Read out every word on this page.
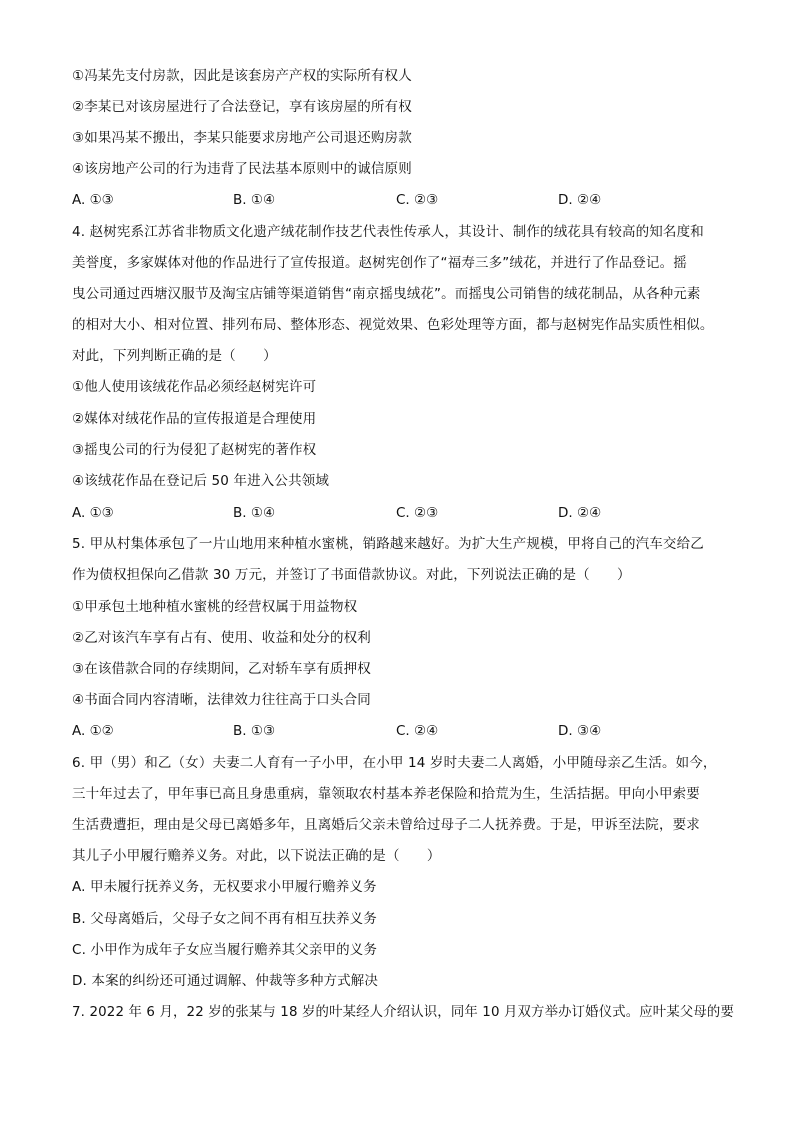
①冯某先支付房款，因此是该套房产产权的实际所有权人
②李某已对该房屋进行了合法登记，享有该房屋的所有权
③如果冯某不搬出，李某只能要求房地产公司退还购房款
④该房地产公司的行为违背了民法基本原则中的诚信原则
A. ①③	B. ①④	C. ②③	D. ②④
4. 赵树宪系江苏省非物质文化遗产绒花制作技艺代表性传承人，其设计、制作的绒花具有较高的知名度和
美誉度，多家媒体对他的作品进行了宣传报道。赵树宪创作了“福寿三多”绒花，并进行了作品登记。摇
曳公司通过西塘汉服节及淘宝店铺等渠道销售“南京摇曳绒花”。而摇曳公司销售的绒花制品，从各种元素
的相对大小、相对位置、排列布局、整体形态、视觉效果、色彩处理等方面，都与赵树宪作品实质性相似。
对此，下列判断正确的是（　　）
①他人使用该绒花作品必须经赵树宪许可
②媒体对绒花作品的宣传报道是合理使用
③摇曳公司的行为侵犯了赵树宪的著作权
④该绒花作品在登记后 50 年进入公共领域
A. ①③	B. ①④	C. ②③	D. ②④
5. 甲从村集体承包了一片山地用来种植水蜜桃，销路越来越好。为扩大生产规模，甲将自己的汽车交给乙
作为债权担保向乙借款 30 万元，并签订了书面借款协议。对此，下列说法正确的是（　　）
①甲承包土地种植水蜜桃的经营权属于用益物权
②乙对该汽车享有占有、使用、收益和处分的权利
③在该借款合同的存续期间，乙对轿车享有质押权
④书面合同内容清晰，法律效力往往高于口头合同
A. ①②	B. ①③	C. ②④	D. ③④
6. 甲（男）和乙（女）夫妻二人育有一子小甲，在小甲 14 岁时夫妻二人离婚，小甲随母亲乙生活。如今，
三十年过去了，甲年事已高且身患重病，靠领取农村基本养老保险和拾荒为生，生活拮据。甲向小甲索要
生活费遭拒，理由是父母已离婚多年，且离婚后父亲未曾给过母子二人抚养费。于是，甲诉至法院，要求
其儿子小甲履行赡养义务。对此，以下说法正确的是（　　）
A. 甲未履行抚养义务，无权要求小甲履行赡养义务
B. 父母离婚后，父母子女之间不再有相互扶养义务
C. 小甲作为成年子女应当履行赡养其父亲甲的义务
D. 本案的纠纷还可通过调解、仲裁等多种方式解决
7. 2022 年 6 月，22 岁的张某与 18 岁的叶某经人介绍认识，同年 10 月双方举办订婚仪式。应叶某父母的要
